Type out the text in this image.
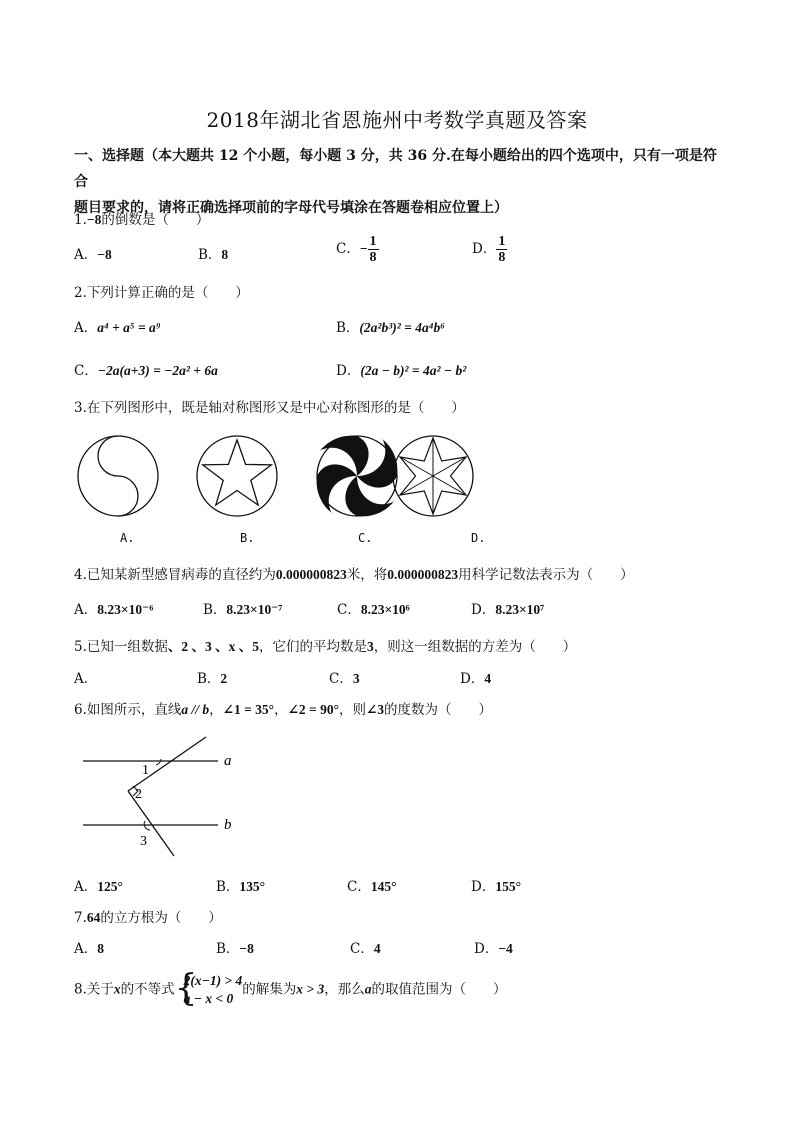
2018年湖北省恩施州中考数学真题及答案
一、选择题（本大题共 12 个小题，每小题 3 分，共 36 分.在每小题给出的四个选项中，只有一项是符合
题目要求的，请将正确选择项前的字母代号填涂在答题卷相应位置上）
1.−8的倒数是（　　）
A．−8	B．8	C．− $\frac{1}{8}$	D． $\frac{1}{8}$
2.下列计算正确的是（　　）
A．a⁴ + a⁵ = a⁹	B．(2a²b³)² = 4a⁴b⁶
C．−2a(a+3) = −2a² + 6a	D．(2a − b)² = 4a² − b²
3.在下列图形中，既是轴对称图形又是中心对称图形的是（　　）
A.	B.	C.	D.
4.已知某新型感冒病毒的直径约为0.000000823米，将0.000000823用科学记数法表示为（　　）
A．8.23×10⁻⁶	B．8.23×10⁻⁷	C．8.23×10⁶	D．8.23×10⁷
5.已知一组数据、2 、3 、x 、5，它们的平均数是3，则这一组数据的方差为（　　）
A．	B．2	C．3	D．4
6.如图所示，直线a // b，∠1 = 35°，∠2 = 90°，则∠3的度数为（　　）
a
b
1
2
3
A．125°	B．135°	C．145°	D．155°
7.64的立方根为（　　）
A．8	B．−8	C．4	D．−4
8.关于x的不等式 {
2(x−1) > 4
a − x < 0
的解集为x > 3，那么a的取值范围为（　　）
